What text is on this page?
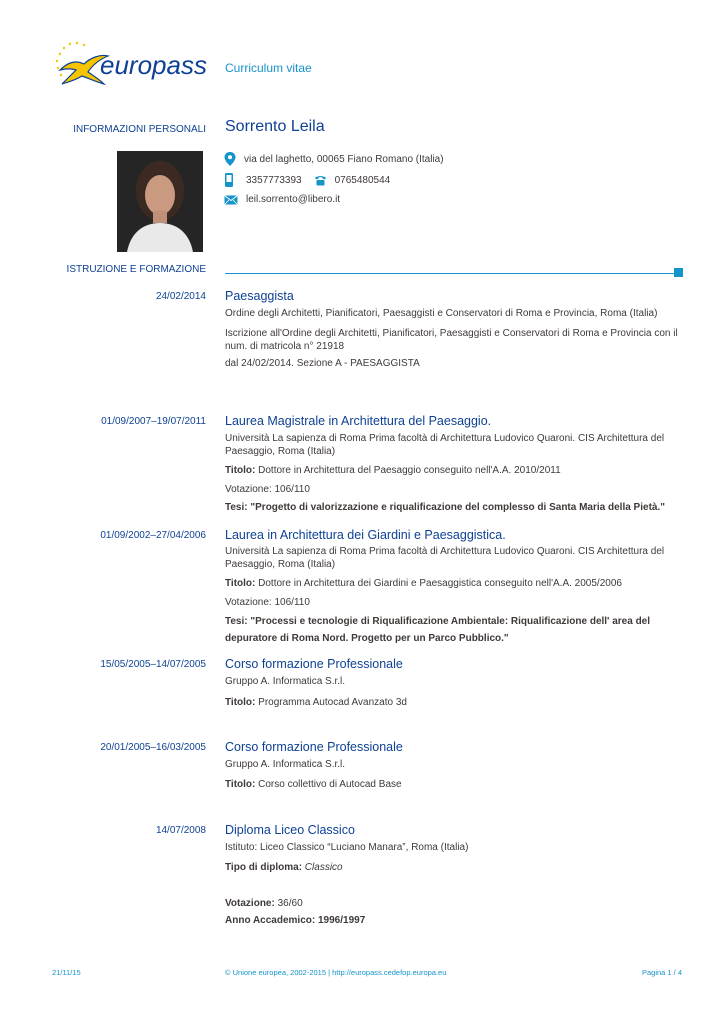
europass Curriculum vitae
INFORMAZIONI PERSONALI Sorrento Leila
via del laghetto, 00065 Fiano Romano (Italia)
3357773393	0765480544
leil.sorrento@libero.it
ISTRUZIONE E FORMAZIONE
24/02/2014 Paesaggista
Ordine degli Architetti, Pianificatori, Paesaggisti e Conservatori di Roma e Provincia, Roma (Italia)
Iscrizione all'Ordine degli Architetti, Pianificatori, Paesaggisti e Conservatori di Roma e Provincia con il num. di matricola n° 21918
dal 24/02/2014. Sezione A - PAESAGGISTA
01/09/2007–19/07/2011 Laurea Magistrale in Architettura del Paesaggio.
Università La sapienza di Roma Prima facoltà di Architettura Ludovico Quaroni. CIS Architettura del Paesaggio, Roma (Italia)
Titolo: Dottore in Architettura del Paesaggio conseguito nell'A.A. 2010/2011
Votazione: 106/110
Tesi: "Progetto di valorizzazione e riqualificazione del complesso di Santa Maria della Pietà."
01/09/2002–27/04/2006 Laurea in Architettura dei Giardini e Paesaggistica.
Università La sapienza di Roma Prima facoltà di Architettura Ludovico Quaroni. CIS Architettura del Paesaggio, Roma (Italia)
Titolo: Dottore in Architettura dei Giardini e Paesaggistica conseguito nell'A.A. 2005/2006
Votazione: 106/110
Tesi: "Processi e tecnologie di Riqualificazione Ambientale: Riqualificazione dell' area del depuratore di Roma Nord. Progetto per un Parco Pubblico."
15/05/2005–14/07/2005 Corso formazione Professionale
Gruppo A. Informatica S.r.l.
Titolo: Programma Autocad Avanzato 3d
20/01/2005–16/03/2005 Corso formazione Professionale
Gruppo A. Informatica S.r.l.
Titolo: Corso collettivo di Autocad Base
14/07/2008 Diploma Liceo Classico
Istituto: Liceo Classico “Luciano Manara”, Roma (Italia)
Tipo di diploma: Classico
Votazione: 36/60
Anno Accademico: 1996/1997
21/11/15	© Unione europea, 2002-2015 | http://europass.cedefop.europa.eu	Pagina 1 / 4
